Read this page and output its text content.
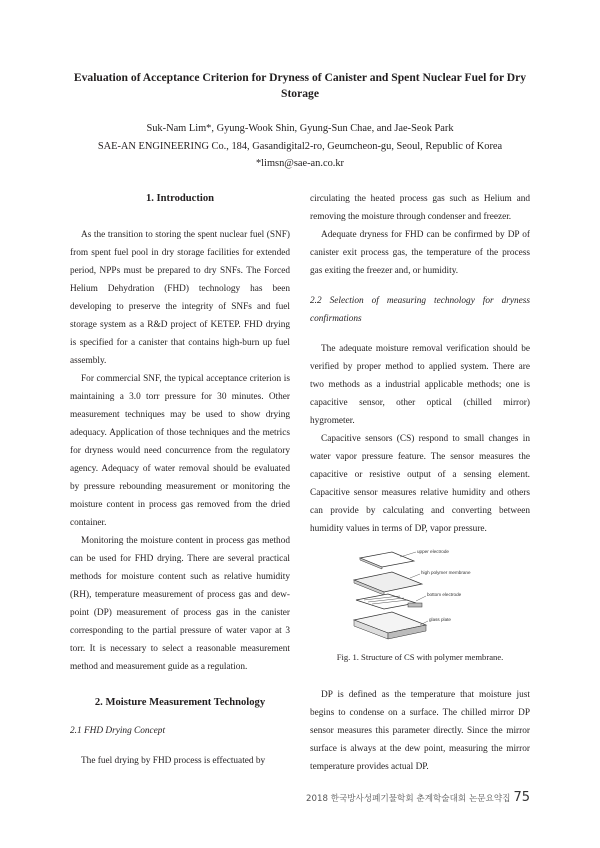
Evaluation of Acceptance Criterion for Dryness of Canister and Spent Nuclear Fuel for Dry Storage
Suk-Nam Lim*, Gyung-Wook Shin, Gyung-Sun Chae, and Jae-Seok Park
SAE-AN ENGINEERING Co., 184, Gasandigital2-ro, Geumcheon-gu, Seoul, Republic of Korea
*limsn@sae-an.co.kr

1. Introduction

As the transition to storing the spent nuclear fuel (SNF) from spent fuel pool in dry storage facilities for extended period, NPPs must be prepared to dry SNFs. The Forced Helium Dehydration (FHD) technology has been developing to preserve the integrity of SNFs and fuel storage system as a R&D project of KETEP. FHD drying is specified for a canister that contains high-burn up fuel assembly.

For commercial SNF, the typical acceptance criterion is maintaining a 3.0 torr pressure for 30 minutes. Other measurement techniques may be used to show drying adequacy. Application of those techniques and the metrics for dryness would need concurrence from the regulatory agency. Adequacy of water removal should be evaluated by pressure rebounding measurement or monitoring the moisture content in process gas removed from the dried container.

Monitoring the moisture content in process gas method can be used for FHD drying. There are several practical methods for moisture content such as relative humidity (RH), temperature measurement of process gas and dew-point (DP) measurement of process gas in the canister corresponding to the partial pressure of water vapor at 3 torr. It is necessary to select a reasonable measurement method and measurement guide as a regulation.

2. Moisture Measurement Technology

2.1 FHD Drying Concept

The fuel drying by FHD process is effectuated by

circulating the heated process gas such as Helium and removing the moisture through condenser and freezer.

Adequate dryness for FHD can be confirmed by DP of canister exit process gas, the temperature of the process gas exiting the freezer and, or humidity.

2.2 Selection of measuring technology for dryness confirmations

The adequate moisture removal verification should be verified by proper method to applied system. There are two methods as a industrial applicable methods; one is capacitive sensor, other optical (chilled mirror) hygrometer.

Capacitive sensors (CS) respond to small changes in water vapor pressure feature. The sensor measures the capacitive or resistive output of a sensing element. Capacitive sensor measures relative humidity and others can provide by calculating and converting between humidity values in terms of DP, vapor pressure.

upper electrode
high polymer membrane
bottom electrode
glass plate
Fig. 1. Structure of CS with polymer membrane.

DP is defined as the temperature that moisture just begins to condense on a surface. The chilled mirror DP sensor measures this parameter directly. Since the mirror surface is always at the dew point, measuring the mirror temperature provides actual DP.

2018 한국방사성폐기물학회 춘계학술대회 논문요약집 75
